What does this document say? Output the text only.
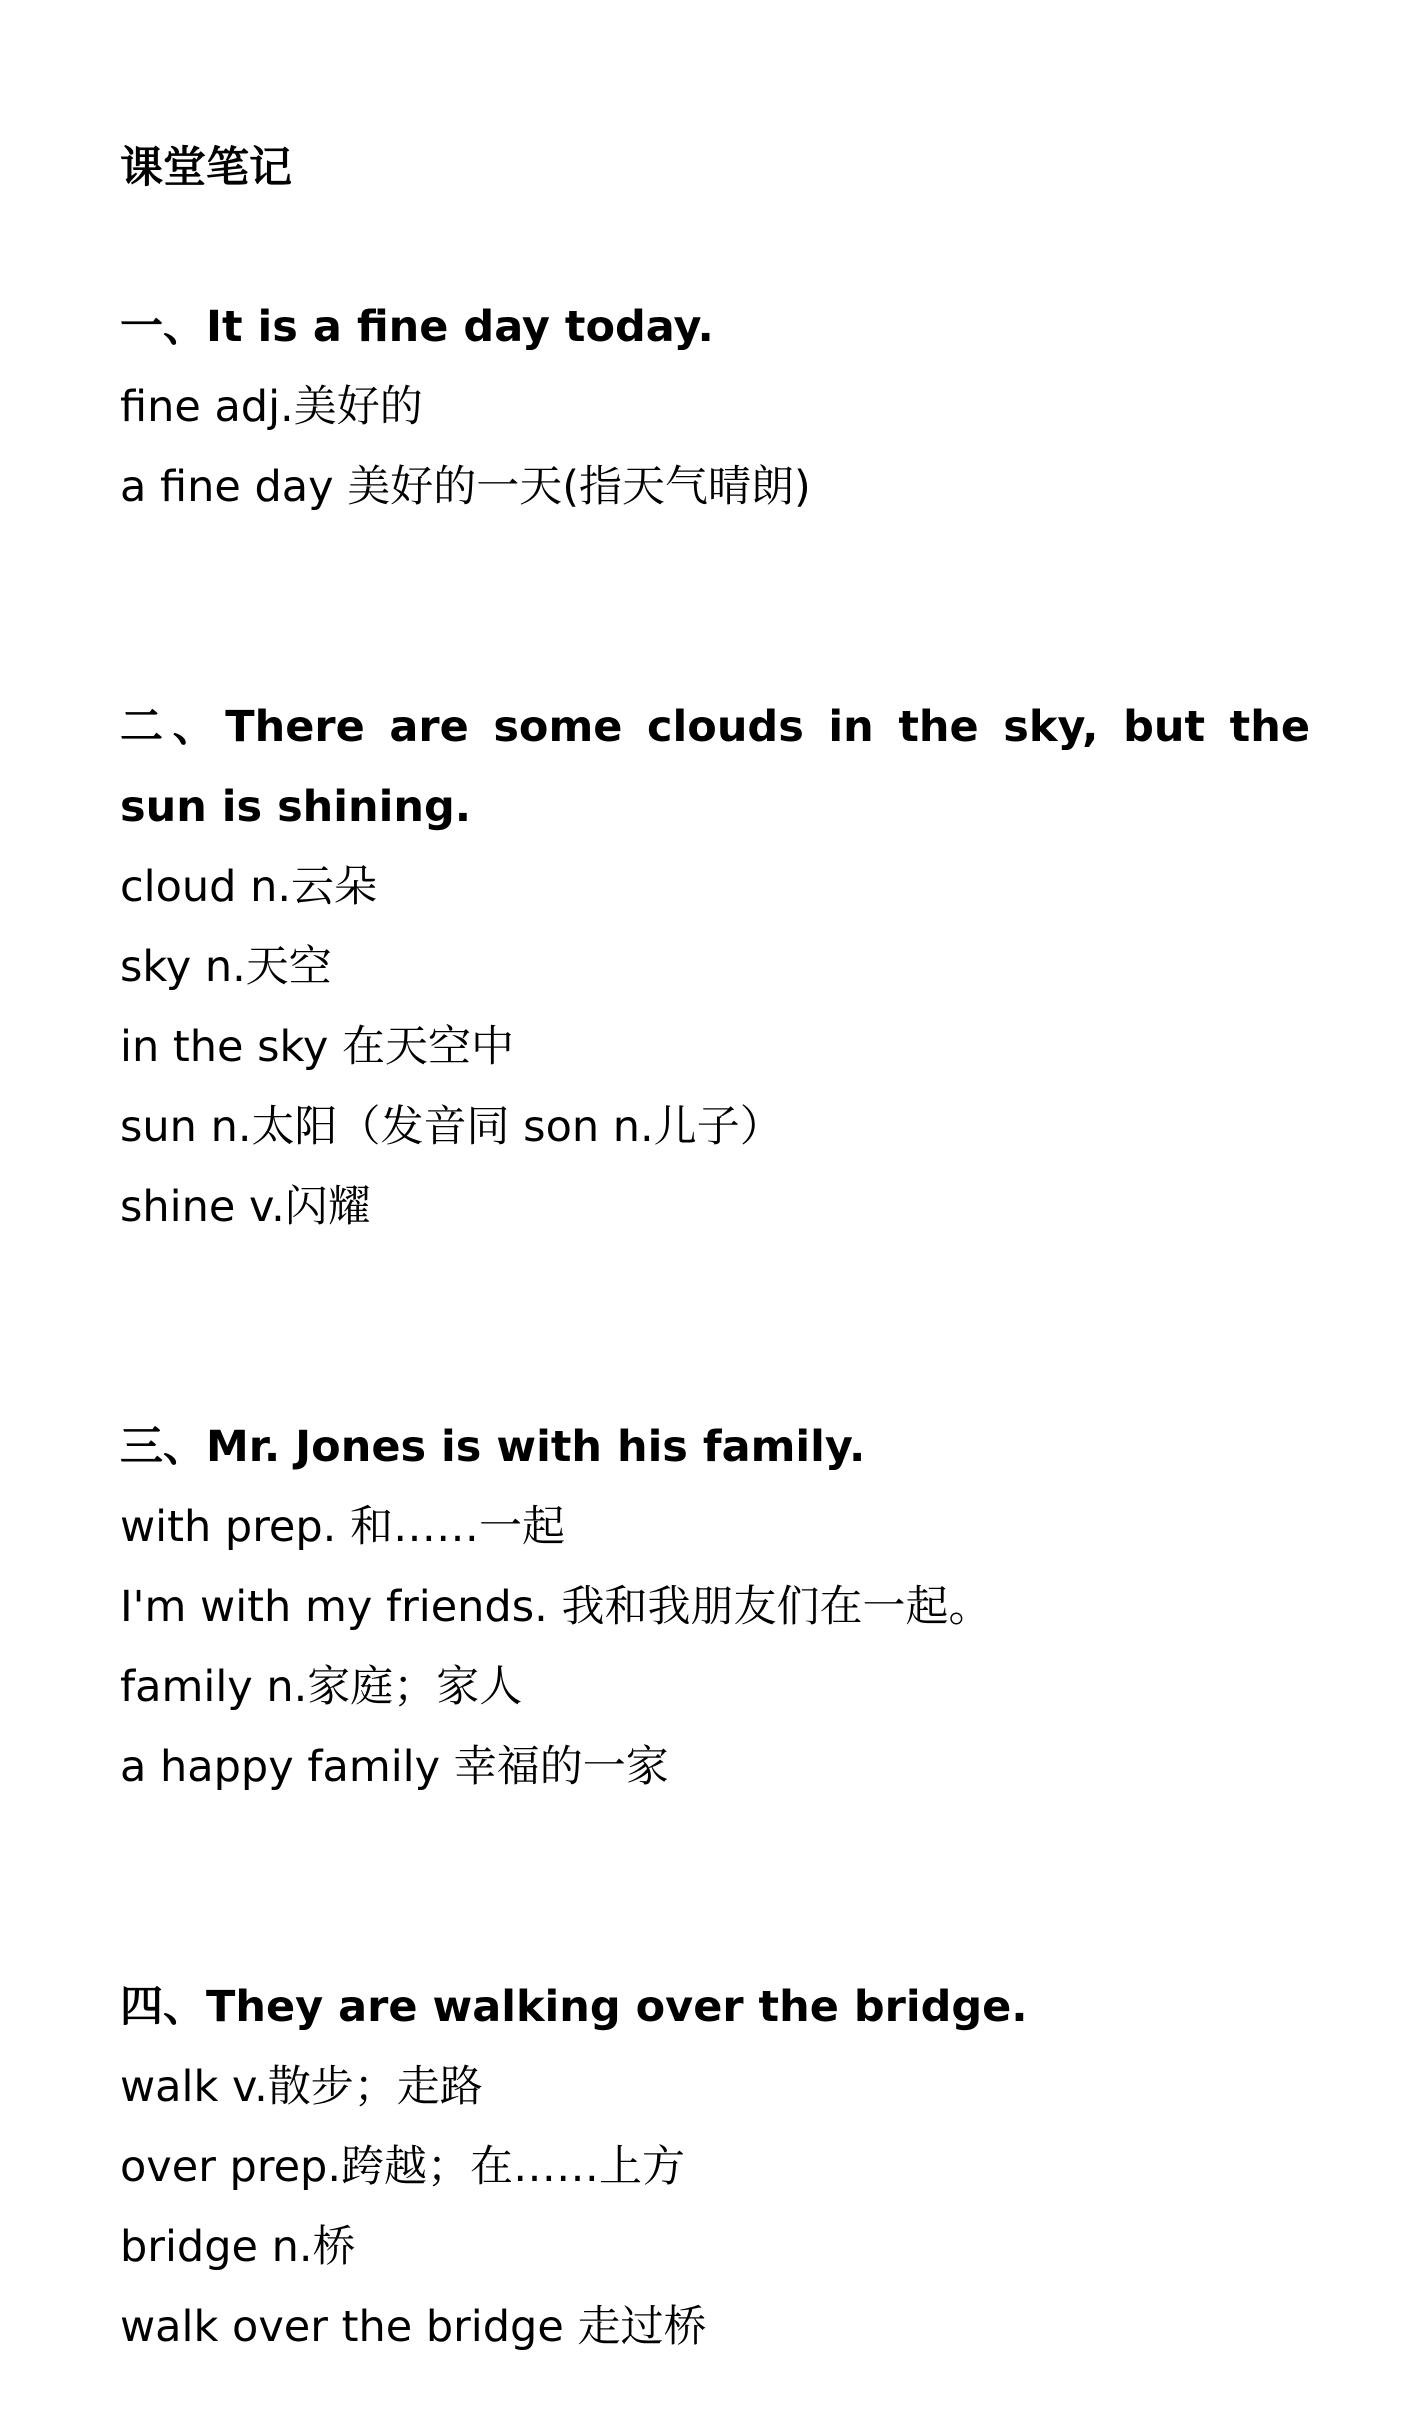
课堂笔记
一、It is a fine day today.
fine adj.美好的
a fine day 美好的一天(指天气晴朗)
二、There are some clouds in the sky, but the sun is shining.
cloud n.云朵
sky n.天空
in the sky 在天空中
sun n.太阳（发音同 son n.儿子）
shine v.闪耀
三、Mr. Jones is with his family.
with prep. 和……一起
I'm with my friends. 我和我朋友们在一起。
family n.家庭；家人
a happy family 幸福的一家
四、They are walking over the bridge.
walk v.散步；走路
over prep.跨越；在……上方
bridge n.桥
walk over the bridge 走过桥
